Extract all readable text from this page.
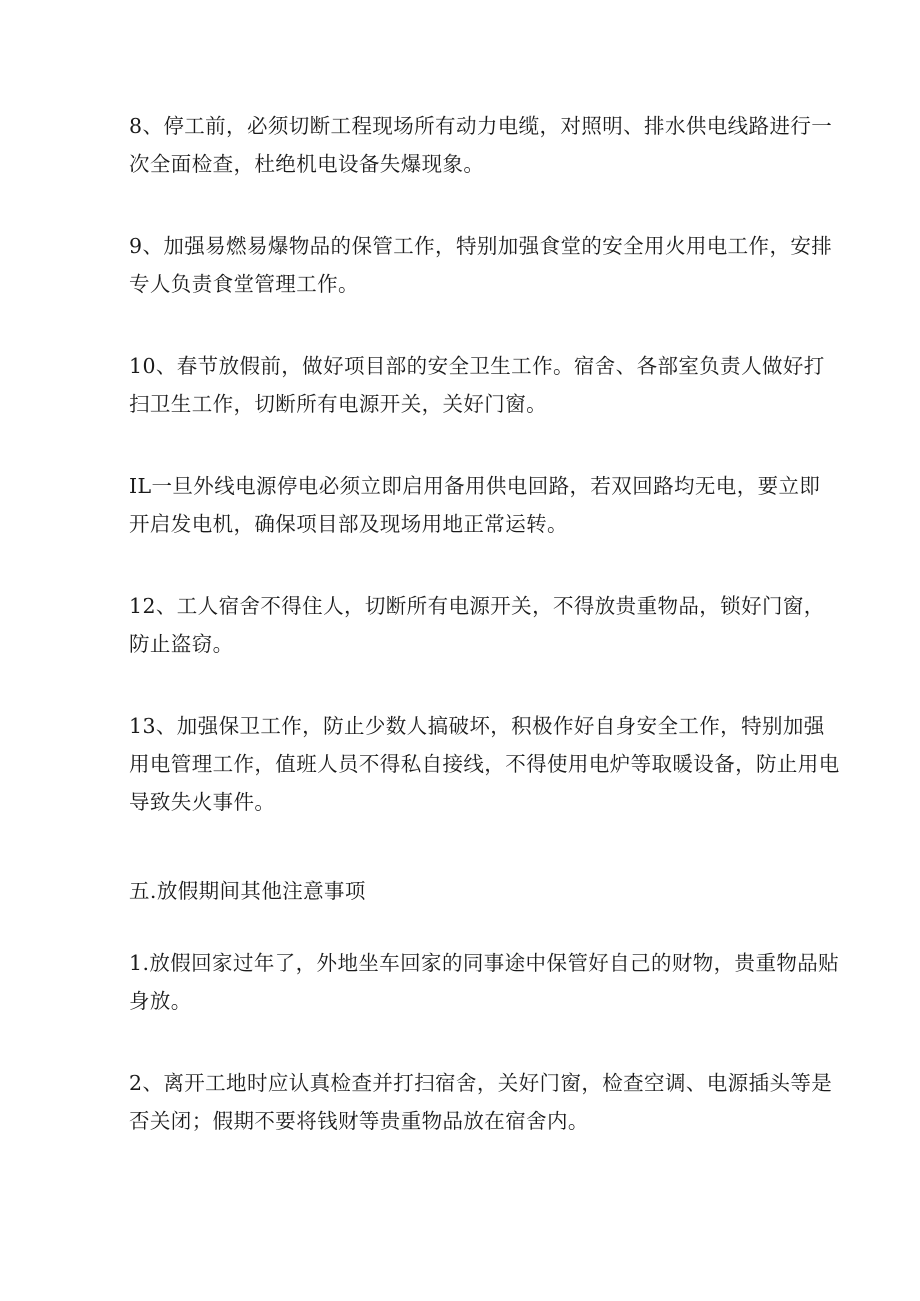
8、停工前，必须切断工程现场所有动力电缆，对照明、排水供电线路进行一
次全面检查，杜绝机电设备失爆现象。

9、加强易燃易爆物品的保管工作，特别加强食堂的安全用火用电工作，安排
专人负责食堂管理工作。

10、春节放假前，做好项目部的安全卫生工作。宿舍、各部室负责人做好打
扫卫生工作，切断所有电源开关，关好门窗。

IL一旦外线电源停电必须立即启用备用供电回路，若双回路均无电，要立即
开启发电机，确保项目部及现场用地正常运转。

12、工人宿舍不得住人，切断所有电源开关，不得放贵重物品，锁好门窗，
防止盗窃。

13、加强保卫工作，防止少数人搞破坏，积极作好自身安全工作，特别加强
用电管理工作，值班人员不得私自接线，不得使用电炉等取暖设备，防止用电
导致失火事件。

五.放假期间其他注意事项

1.放假回家过年了，外地坐车回家的同事途中保管好自己的财物，贵重物品贴
身放。

2、离开工地时应认真检查并打扫宿舍，关好门窗，检查空调、电源插头等是
否关闭；假期不要将钱财等贵重物品放在宿舍内。
